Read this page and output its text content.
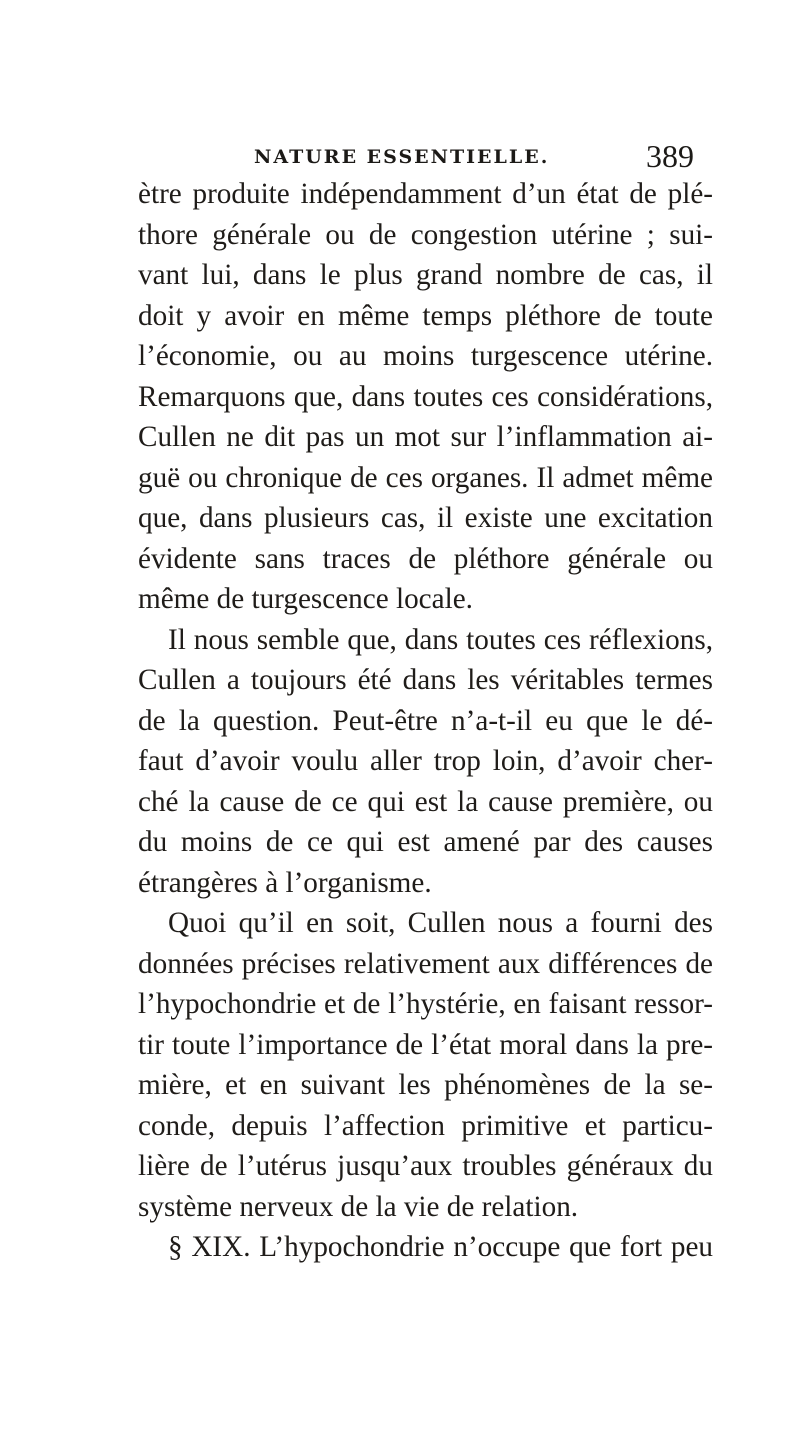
NATURE ESSENTIELLE.	389
ètre produite indépendamment d’un état de plé-
thore générale ou de congestion utérine ; sui-
vant lui, dans le plus grand nombre de cas, il
doit y avoir en même temps pléthore de toute
l’économie, ou au moins turgescence utérine.
Remarquons que, dans toutes ces considérations,
Cullen ne dit pas un mot sur l’inflammation ai-
guë ou chronique de ces organes. Il admet même
que, dans plusieurs cas, il existe une excitation
évidente sans traces de pléthore générale ou
même de turgescence locale.
Il nous semble que, dans toutes ces réflexions,
Cullen a toujours été dans les véritables termes
de la question. Peut-être n’a-t-il eu que le dé-
faut d’avoir voulu aller trop loin, d’avoir cher-
ché la cause de ce qui est la cause première, ou
du moins de ce qui est amené par des causes
étrangères à l’organisme.
Quoi qu’il en soit, Cullen nous a fourni des
données précises relativement aux différences de
l’hypochondrie et de l’hystérie, en faisant ressor-
tir toute l’importance de l’état moral dans la pre-
mière, et en suivant les phénomènes de la se-
conde, depuis l’affection primitive et particu-
lière de l’utérus jusqu’aux troubles généraux du
système nerveux de la vie de relation.
§ XIX. L’hypochondrie n’occupe que fort peu
